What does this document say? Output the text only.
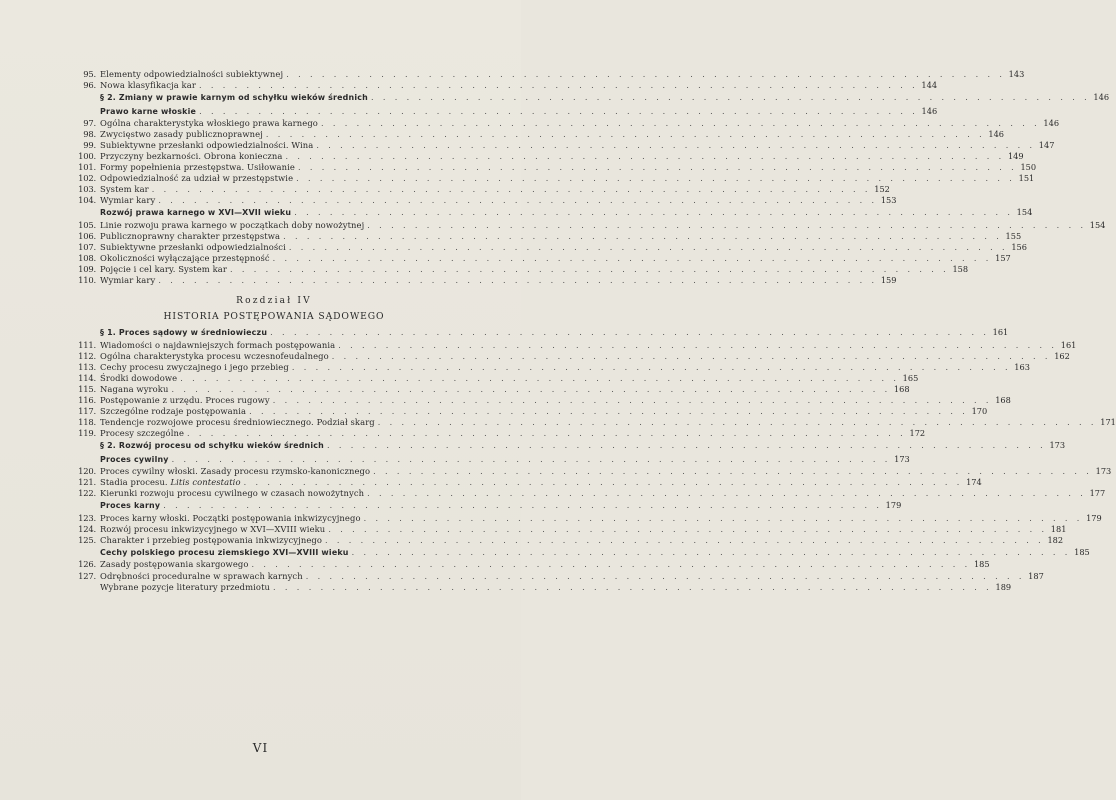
95. Elementy odpowiedzialności subiektywnej . . .	143
96. Nowa klasyfikacja kar . . .	144
§ 2. Zmiany w prawie karnym od schyłku wieków średnich . . .	146
Prawo karne włoskie . . .	146
97. Ogólna charakterystyka włoskiego prawa karnego . . .	146
98. Zwycięstwo zasady publicznoprawnej . . .	146
99. Subiektywne przesłanki odpowiedzialności. Wina . . .	147
100. Przyczyny bezkarności. Obrona konieczna . . .	149
101. Formy popełnienia przestępstwa. Usiłowanie . . .	150
102. Odpowiedzialność za udział w przestępstwie . . .	151
103. System kar . . .	152
104. Wymiar kary . . .	153
Rozwój prawa karnego w XVI—XVII wieku . . .	154
105. Linie rozwoju prawa karnego w początkach doby nowożytnej . . .	154
106. Publicznoprawny charakter przestępstwa . . .	155
107. Subiektywne przesłanki odpowiedzialności . . .	156
108. Okoliczności wyłączające przestępność . . .	157
109. Pojęcie i cel kary. System kar . . .	158
110. Wymiar kary . . .	159
Rozdział IV
HISTORIA POSTĘPOWANIA SĄDOWEGO
§ 1. Proces sądowy w średniowieczu . . .	161
111. Wiadomości o najdawniejszych formach postępowania . . .	161
112. Ogólna charakterystyka procesu wczesnofeudalnego . . .	162
113. Cechy procesu zwyczajnego i jego przebieg . . .	163
114. Środki dowodowe . . .	165
115. Nagana wyroku . . .	168
116. Postępowanie z urzędu. Proces rugowy . . .	168
117. Szczególne rodzaje postępowania . . .	170
118. Tendencje rozwojowe procesu średniowiecznego. Podział skarg . . .	171
119. Procesy szczególne . . .	172
§ 2. Rozwój procesu od schyłku wieków średnich . . .	173
Proces cywilny . . .	173
120. Proces cywilny włoski. Zasady procesu rzymsko-kanonicznego . . .	173
121. Stadia procesu. Litis contestatio . . .	174
122. Kierunki rozwoju procesu cywilnego w czasach nowożytnych . . .	177
Proces karny . . .	179
123. Proces karny włoski. Początki postępowania inkwizycyjnego . . .	179
124. Rozwój procesu inkwizycyjnego w XVI—XVIII wieku . . .	181
125. Charakter i przebieg postępowania inkwizycyjnego . . .	182
Cechy polskiego procesu ziemskiego XVI—XVIII wieku . . .	185
126. Zasady postępowania skargowego . . .	185
127. Odrębności proceduralne w sprawach karnych . . .	187
Wybrane pozycje literatury przedmiotu . . .	189
VI
